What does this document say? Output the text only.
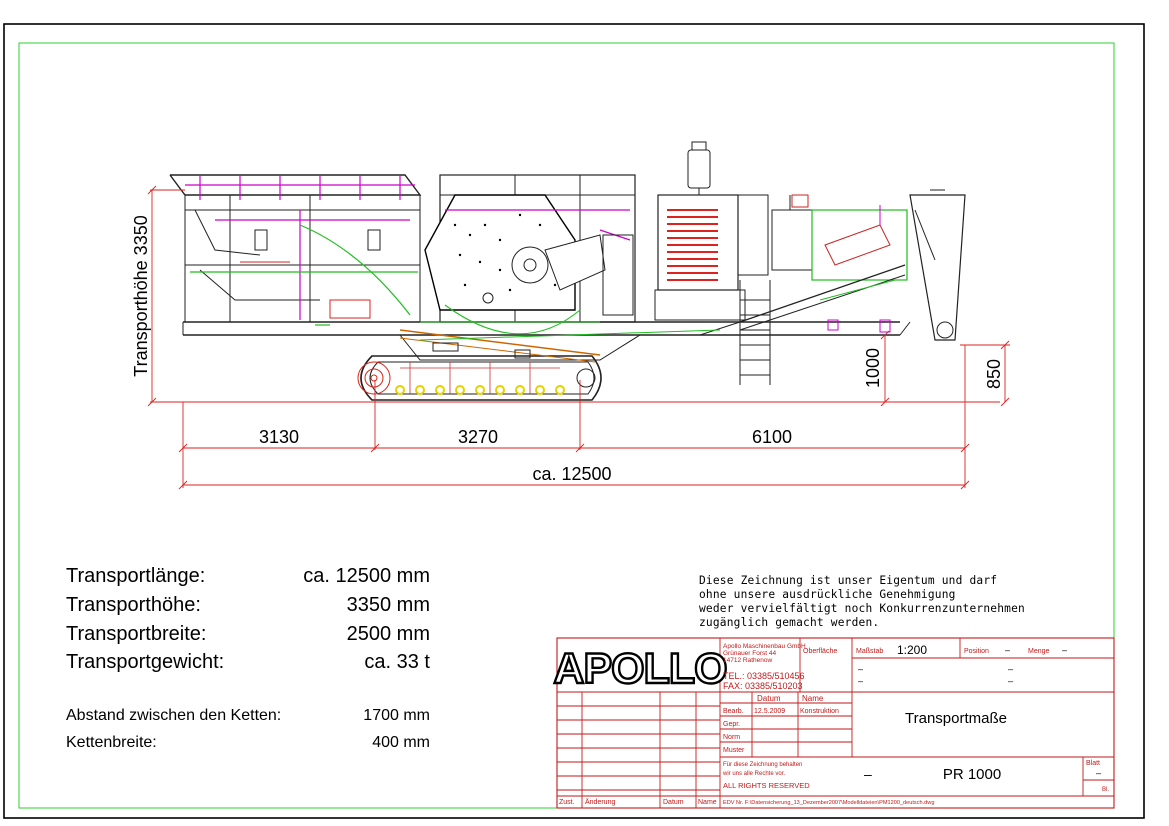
Transporthöhe 3350	1000	850
3130	3270	6100
ca. 12500
APOLLO
Apollo Maschinenbau GmbH
Grünauer Forst 44
14712 Rathenow
TEL.: 03385/510456
FAX: 03385/510203
Oberfläche	Maßstab 1:200	Position –	Menge –
–
–
–
–
Datum	Name
Bearb. 12.5.2009 Konstruktion
Gepr.
Norm
Muster
Für diese Zeichnung behalten
wir uns alle Rechte vor.
ALL RIGHTS RESERVED
Blatt
–
Bl.
Zust. Änderung	Datum Name EDV Nr. F:\Datensicherung_13_Dezember2007\Modelldateien\PM1200_deutsch.dwg
Transportmaße
–	PR 1000
Transportlänge:	ca. 12500 mm
Transporthöhe:	3350 mm
Transportbreite:	2500 mm
Transportgewicht:	ca. 33 t
Abstand zwischen den Ketten:	1700 mm
Kettenbreite:	400 mm
Diese Zeichnung ist unser Eigentum und darf
ohne unsere ausdrückliche Genehmigung
weder vervielfältigt noch Konkurrenzunternehmen
zugänglich gemacht werden.
